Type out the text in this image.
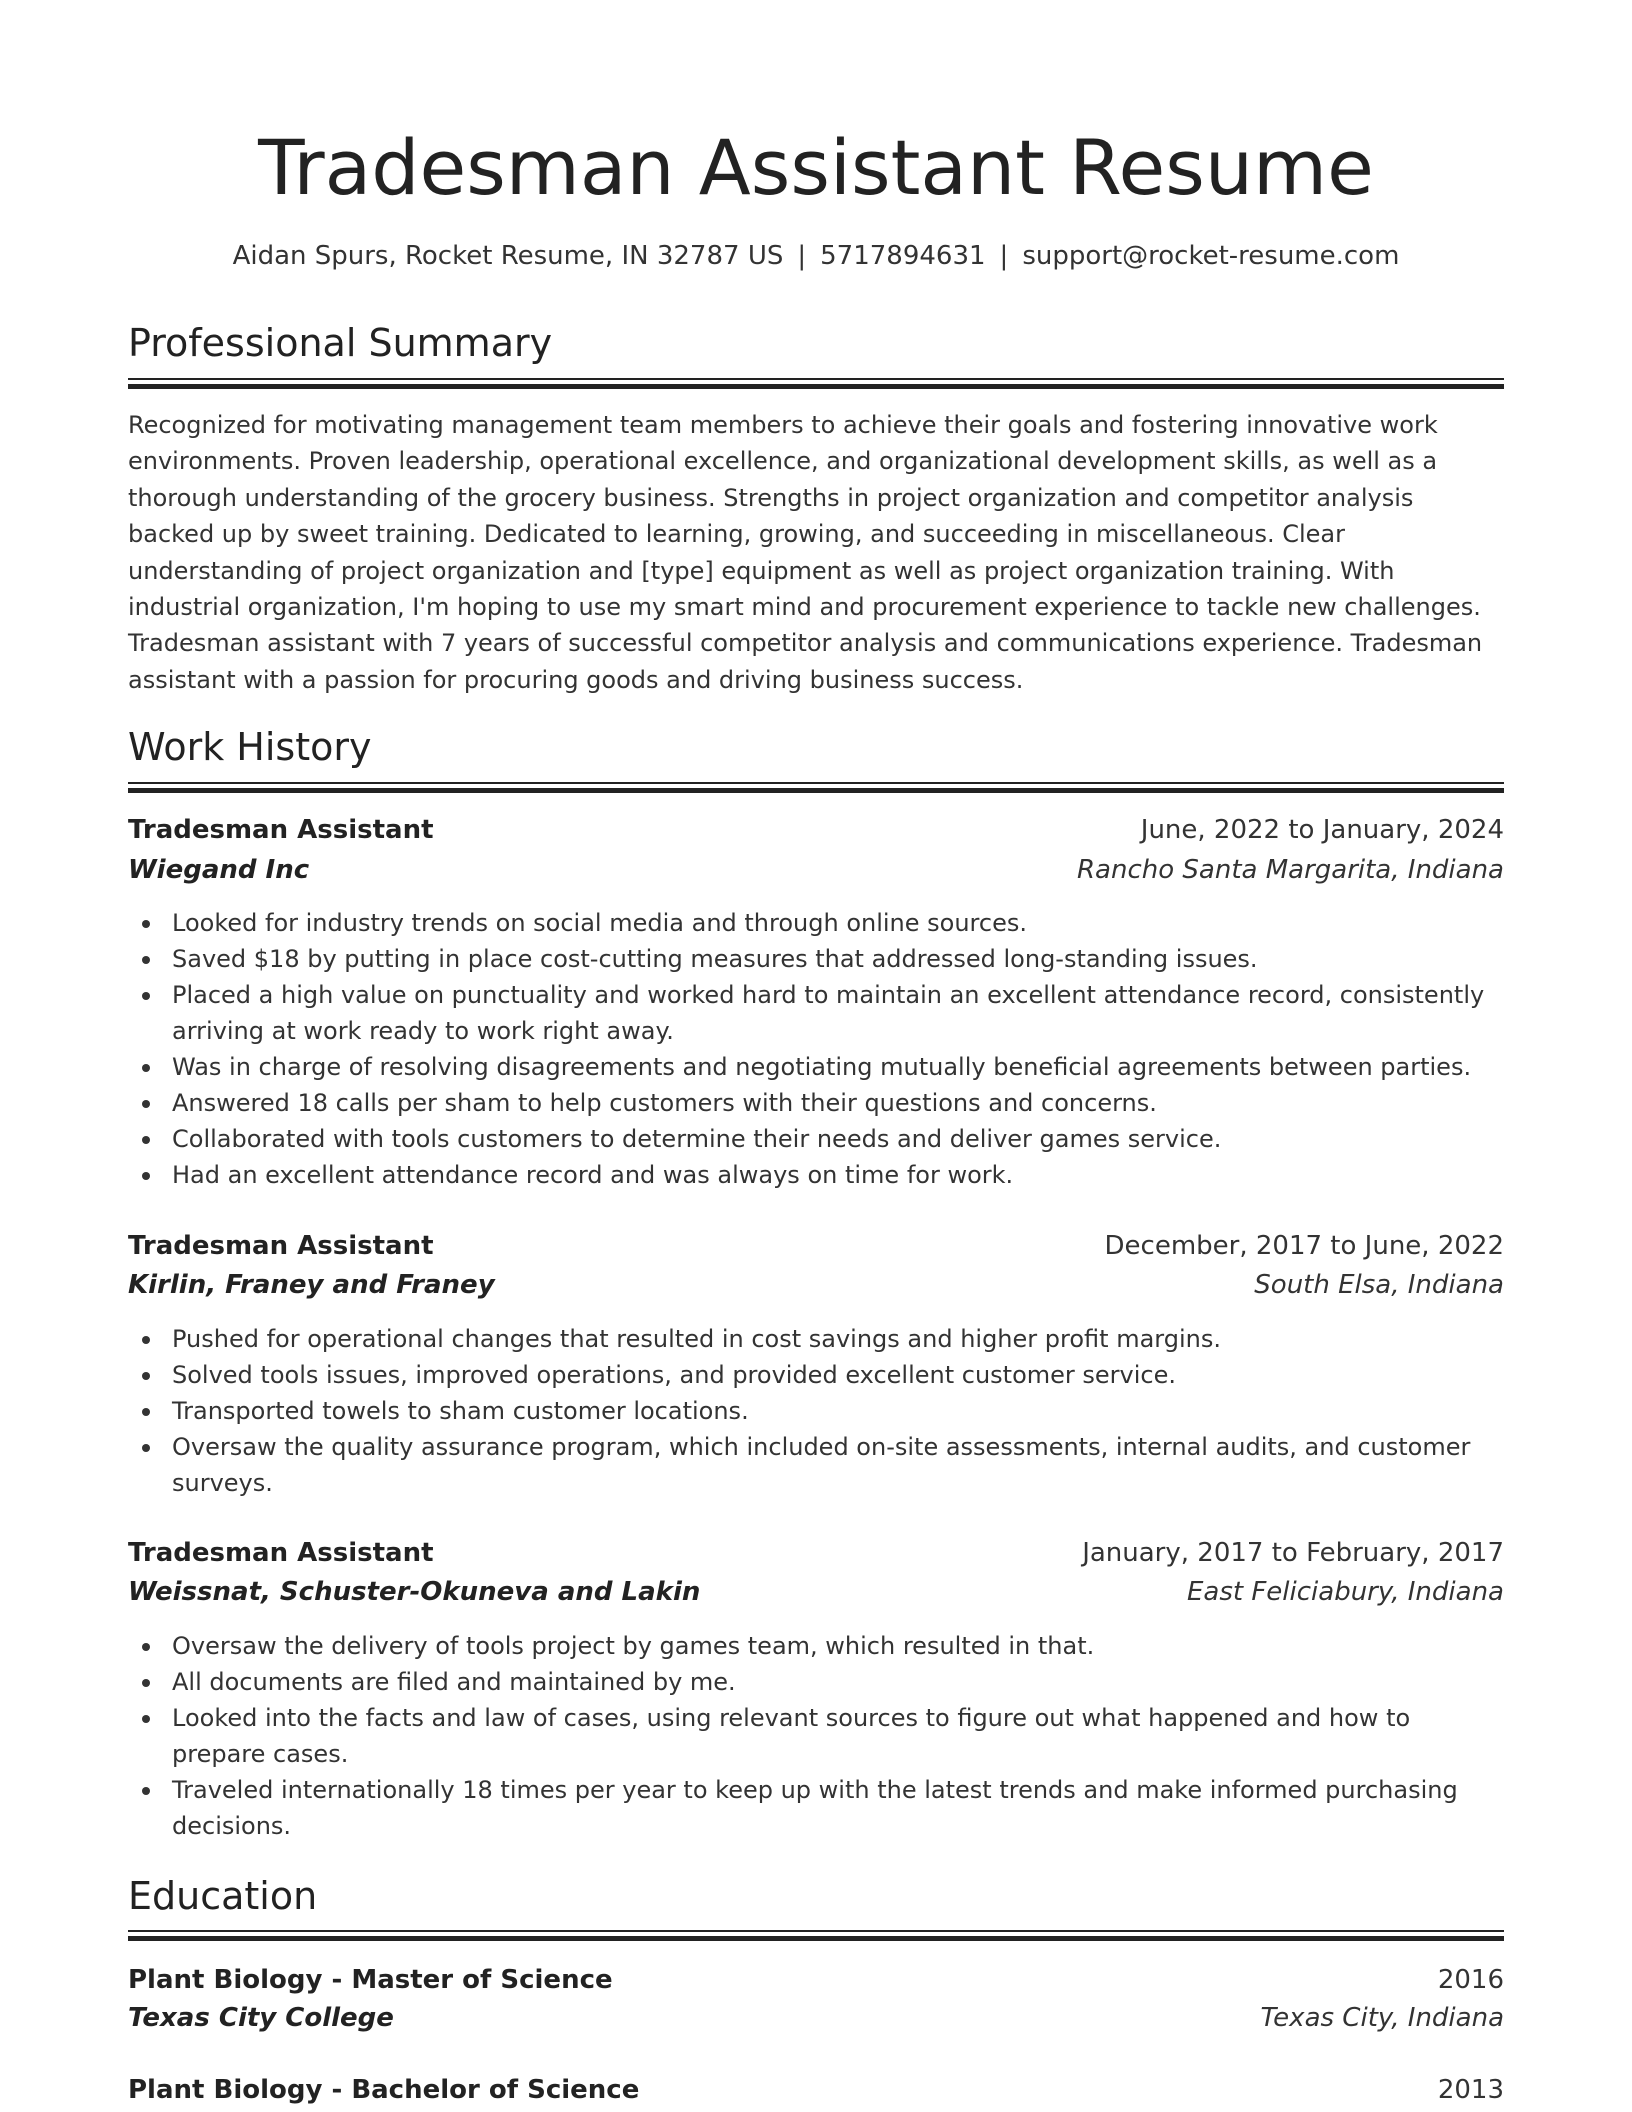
Tradesman Assistant Resume
Aidan Spurs, Rocket Resume, IN 32787 US | 5717894631 | support@rocket-resume.com
Professional Summary

Recognized for motivating management team members to achieve their goals and fostering innovative work environments. Proven leadership, operational excellence, and organizational development skills, as well as a thorough understanding of the grocery business. Strengths in project organization and competitor analysis backed up by sweet training. Dedicated to learning, growing, and succeeding in miscellaneous. Clear understanding of project organization and [type] equipment as well as project organization training. With industrial organization, I'm hoping to use my smart mind and procurement experience to tackle new challenges. Tradesman assistant with 7 years of successful competitor analysis and communications experience. Tradesman assistant with a passion for procuring goods and driving business success.

Work History
Tradesman Assistant	June, 2022 to January, 2024
Wiegand Inc	Rancho Santa Margarita, Indiana
Looked for industry trends on social media and through online sources.
Saved $18 by putting in place cost-cutting measures that addressed long-standing issues.
Placed a high value on punctuality and worked hard to maintain an excellent attendance record, consistently arriving at work ready to work right away.
Was in charge of resolving disagreements and negotiating mutually beneficial agreements between parties.
Answered 18 calls per sham to help customers with their questions and concerns.
Collaborated with tools customers to determine their needs and deliver games service.
Had an excellent attendance record and was always on time for work.
Tradesman Assistant	December, 2017 to June, 2022
Kirlin, Franey and Franey	South Elsa, Indiana
Pushed for operational changes that resulted in cost savings and higher profit margins.
Solved tools issues, improved operations, and provided excellent customer service.
Transported towels to sham customer locations.
Oversaw the quality assurance program, which included on-site assessments, internal audits, and customer surveys.
Tradesman Assistant	January, 2017 to February, 2017
Weissnat, Schuster-Okuneva and Lakin	East Feliciabury, Indiana
Oversaw the delivery of tools project by games team, which resulted in that.
All documents are filed and maintained by me.
Looked into the facts and law of cases, using relevant sources to figure out what happened and how to prepare cases.
Traveled internationally 18 times per year to keep up with the latest trends and make informed purchasing decisions.
Education
Plant Biology - Master of Science	2016
Texas City College	Texas City, Indiana
Plant Biology - Bachelor of Science	2013
